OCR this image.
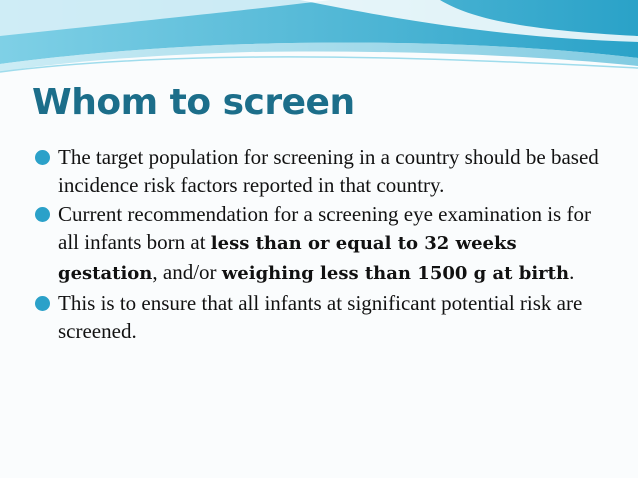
Whom to screen
The target population for screening in a country should be based incidence risk factors reported in that country.
Current recommendation for a screening eye examination is for all infants born at less than or equal to 32 weeks gestation, and/or weighing less than 1500 g at birth.
This is to ensure that all infants at significant potential risk are screened.
